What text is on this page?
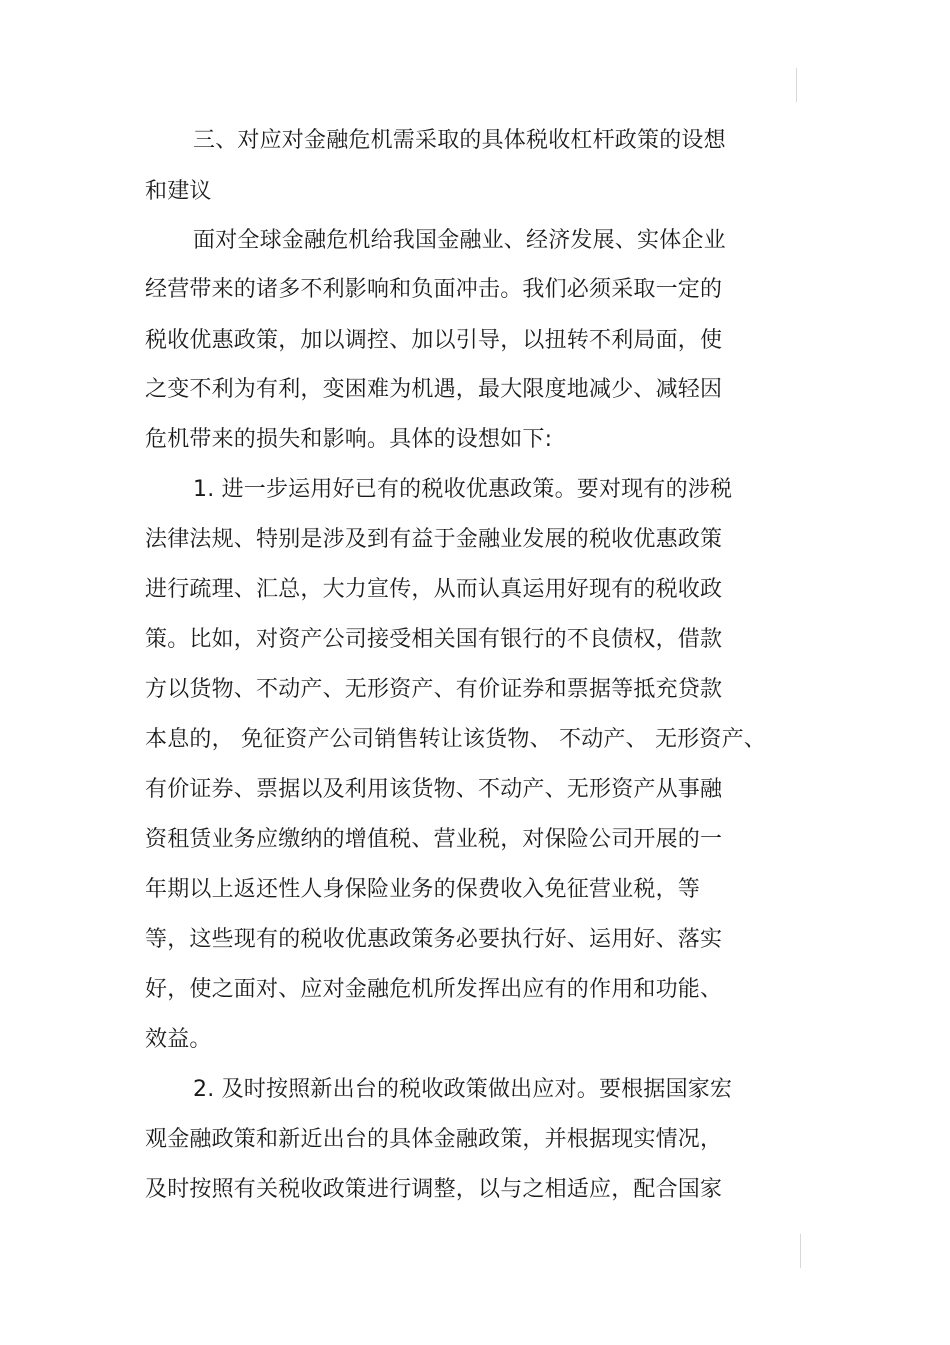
三、对应对金融危机需采取的具体税收杠杆政策的设想
和建议
面对全球金融危机给我国金融业、经济发展、实体企业
经营带来的诸多不利影响和负面冲击。我们必须采取一定的
税收优惠政策，加以调控、加以引导，以扭转不利局面，使
之变不利为有利，变困难为机遇，最大限度地减少、减轻因
危机带来的损失和影响。具体的设想如下:
1. 进一步运用好已有的税收优惠政策。要对现有的涉税
法律法规、特别是涉及到有益于金融业发展的税收优惠政策
进行疏理、汇总，大力宣传，从而认真运用好现有的税收政
策。比如，对资产公司接受相关国有银行的不良债权，借款
方以货物、不动产、无形资产、有价证券和票据等抵充贷款
本息的， 免征资产公司销售转让该货物、 不动产、 无形资产、
有价证券、票据以及利用该货物、不动产、无形资产从事融
资租赁业务应缴纳的增值税、营业税，对保险公司开展的一
年期以上返还性人身保险业务的保费收入免征营业税，等
等，这些现有的税收优惠政策务必要执行好、运用好、落实
好，使之面对、应对金融危机所发挥出应有的作用和功能、
效益。
2. 及时按照新出台的税收政策做出应对。要根据国家宏
观金融政策和新近出台的具体金融政策，并根据现实情况，
及时按照有关税收政策进行调整，以与之相适应，配合国家
